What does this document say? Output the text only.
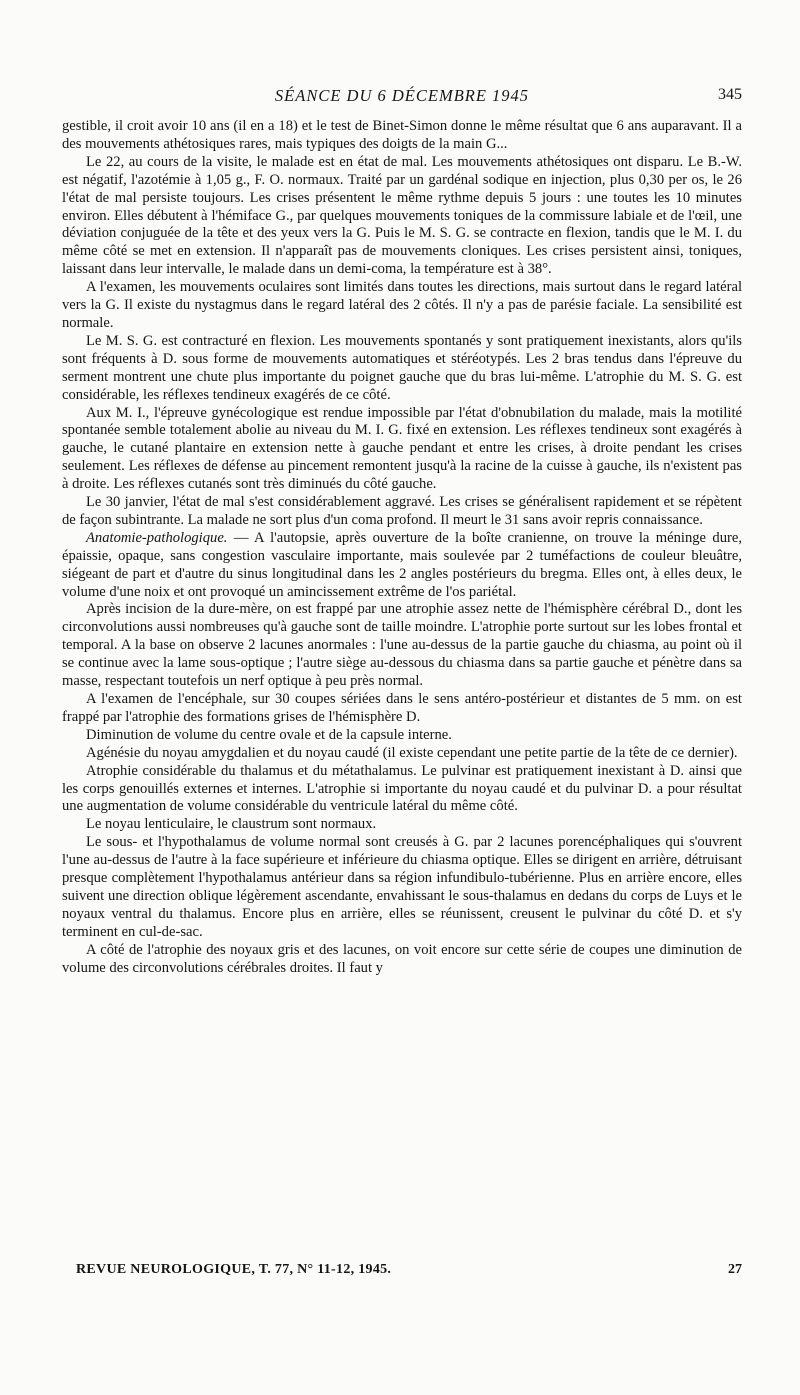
SÉANCE DU 6 DÉCEMBRE 1945	345

gestible, il croit avoir 10 ans (il en a 18) et le test de Binet-Simon donne le même résultat que 6 ans auparavant. Il a des mouvements athétosiques rares, mais typiques des doigts de la main G...

Le 22, au cours de la visite, le malade est en état de mal. Les mouvements athétosiques ont disparu. Le B.-W. est négatif, l'azotémie à 1,05 g., F. O. normaux. Traité par un gardénal sodique en injection, plus 0,30 per os, le 26 l'état de mal persiste toujours. Les crises présentent le même rythme depuis 5 jours : une toutes les 10 minutes environ. Elles débutent à l'hémiface G., par quelques mouvements toniques de la commissure labiale et de l'œil, une déviation conjuguée de la tête et des yeux vers la G. Puis le M. S. G. se contracte en flexion, tandis que le M. I. du même côté se met en extension. Il n'apparaît pas de mouvements cloniques. Les crises persistent ainsi, toniques, laissant dans leur intervalle, le malade dans un demi-coma, la température est à 38°.

A l'examen, les mouvements oculaires sont limités dans toutes les directions, mais surtout dans le regard latéral vers la G. Il existe du nystagmus dans le regard latéral des 2 côtés. Il n'y a pas de parésie faciale. La sensibilité est normale.

Le M. S. G. est contracturé en flexion. Les mouvements spontanés y sont pratiquement inexistants, alors qu'ils sont fréquents à D. sous forme de mouvements automatiques et stéréotypés. Les 2 bras tendus dans l'épreuve du serment montrent une chute plus importante du poignet gauche que du bras lui-même. L'atrophie du M. S. G. est considérable, les réflexes tendineux exagérés de ce côté.

Aux M. I., l'épreuve gynécologique est rendue impossible par l'état d'obnubilation du malade, mais la motilité spontanée semble totalement abolie au niveau du M. I. G. fixé en extension. Les réflexes tendineux sont exagérés à gauche, le cutané plantaire en extension nette à gauche pendant et entre les crises, à droite pendant les crises seulement. Les réflexes de défense au pincement remontent jusqu'à la racine de la cuisse à gauche, ils n'existent pas à droite. Les réflexes cutanés sont très diminués du côté gauche.

Le 30 janvier, l'état de mal s'est considérablement aggravé. Les crises se généralisent rapidement et se répètent de façon subintrante. La malade ne sort plus d'un coma profond. Il meurt le 31 sans avoir repris connaissance.

Anatomie-pathologique. — A l'autopsie, après ouverture de la boîte cranienne, on trouve la méninge dure, épaissie, opaque, sans congestion vasculaire importante, mais soulevée par 2 tuméfactions de couleur bleuâtre, siégeant de part et d'autre du sinus longitudinal dans les 2 angles postérieurs du bregma. Elles ont, à elles deux, le volume d'une noix et ont provoqué un amincissement extrême de l'os pariétal.

Après incision de la dure-mère, on est frappé par une atrophie assez nette de l'hémisphère cérébral D., dont les circonvolutions aussi nombreuses qu'à gauche sont de taille moindre. L'atrophie porte surtout sur les lobes frontal et temporal. A la base on observe 2 lacunes anormales : l'une au-dessus de la partie gauche du chiasma, au point où il se continue avec la lame sous-optique ; l'autre siège au-dessous du chiasma dans sa partie gauche et pénètre dans sa masse, respectant toutefois un nerf optique à peu près normal.

A l'examen de l'encéphale, sur 30 coupes sériées dans le sens antéro-postérieur et distantes de 5 mm. on est frappé par l'atrophie des formations grises de l'hémisphère D.

Diminution de volume du centre ovale et de la capsule interne.

Agénésie du noyau amygdalien et du noyau caudé (il existe cependant une petite partie de la tête de ce dernier).

Atrophie considérable du thalamus et du métathalamus. Le pulvinar est pratiquement inexistant à D. ainsi que les corps genouillés externes et internes. L'atrophie si importante du noyau caudé et du pulvinar D. a pour résultat une augmentation de volume considérable du ventricule latéral du même côté.

Le noyau lenticulaire, le claustrum sont normaux.

Le sous- et l'hypothalamus de volume normal sont creusés à G. par 2 lacunes porencéphaliques qui s'ouvrent l'une au-dessus de l'autre à la face supérieure et inférieure du chiasma optique. Elles se dirigent en arrière, détruisant presque complètement l'hypothalamus antérieur dans sa région infundibulo-tubérienne. Plus en arrière encore, elles suivent une direction oblique légèrement ascendante, envahissant le sous-thalamus en dedans du corps de Luys et le noyaux ventral du thalamus. Encore plus en arrière, elles se réunissent, creusent le pulvinar du côté D. et s'y terminent en cul-de-sac.

A côté de l'atrophie des noyaux gris et des lacunes, on voit encore sur cette série de coupes une diminution de volume des circonvolutions cérébrales droites. Il faut y

REVUE NEUROLOGIQUE, T. 77, N° 11-12, 1945.	27
